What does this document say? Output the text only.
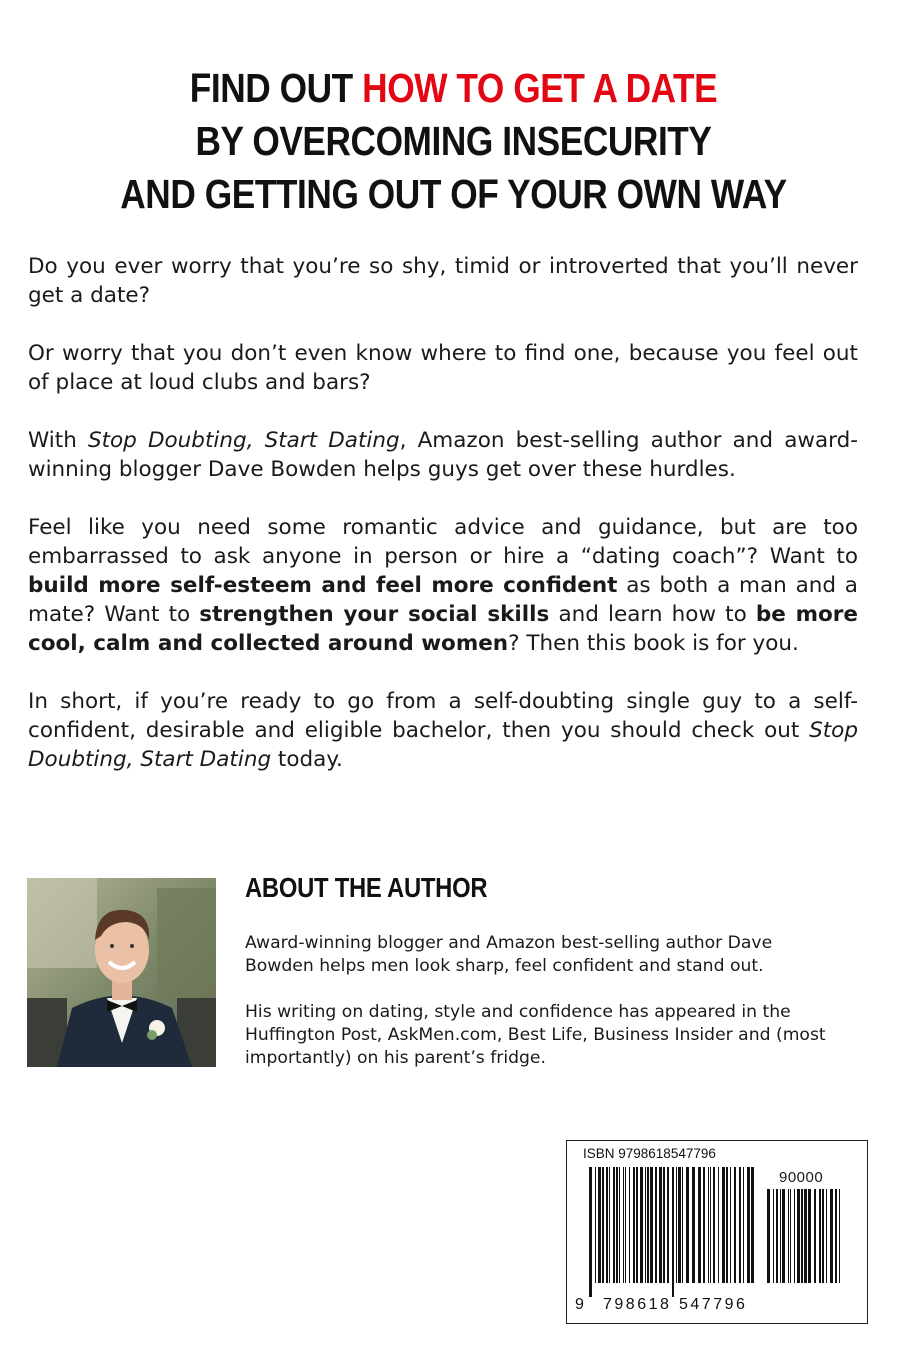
FIND OUT HOW TO GET A DATE
BY OVERCOMING INSECURITY
AND GETTING OUT OF YOUR OWN WAY

Do you ever worry that you’re so shy, timid or introverted that you’ll never get a date?

Or worry that you don’t even know where to find one, because you feel out of place at loud clubs and bars?

With Stop Doubting, Start Dating, Amazon best-selling author and award-winning blogger Dave Bowden helps guys get over these hurdles.

Feel like you need some romantic advice and guidance, but are too embarrassed to ask anyone in person or hire a “dating coach”? Want to build more self-esteem and feel more confident as both a man and a mate? Want to strengthen your social skills and learn how to be more cool, calm and collected around women? Then this book is for you.

In short, if you’re ready to go from a self-doubting single guy to a self-confident, desirable and eligible bachelor, then you should check out Stop Doubting, Start Dating today.

ABOUT THE AUTHOR

Award-winning blogger and Amazon best-selling author Dave Bowden helps men look sharp, feel confident and stand out.

His writing on dating, style and confidence has appeared in the Huffington Post, AskMen.com, Best Life, Business Insider and (most importantly) on his parent’s fridge.

ISBN 9798618547796
90000
9 798618 547796
